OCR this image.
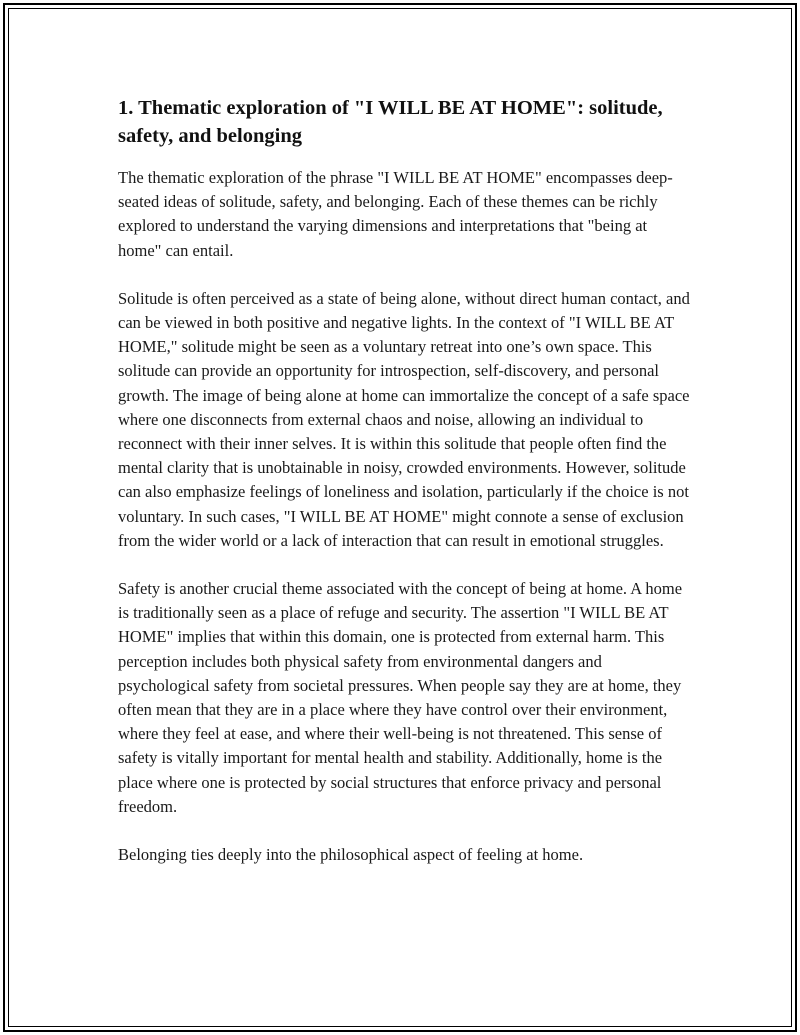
1. Thematic exploration of "I WILL BE AT HOME": solitude, safety, and belonging

The thematic exploration of the phrase "I WILL BE AT HOME" encompasses deep-seated ideas of solitude, safety, and belonging. Each of these themes can be richly explored to understand the varying dimensions and interpretations that "being at home" can entail.

Solitude is often perceived as a state of being alone, without direct human contact, and can be viewed in both positive and negative lights. In the context of "I WILL BE AT HOME," solitude might be seen as a voluntary retreat into one’s own space. This solitude can provide an opportunity for introspection, self-discovery, and personal growth. The image of being alone at home can immortalize the concept of a safe space where one disconnects from external chaos and noise, allowing an individual to reconnect with their inner selves. It is within this solitude that people often find the mental clarity that is unobtainable in noisy, crowded environments. However, solitude can also emphasize feelings of loneliness and isolation, particularly if the choice is not voluntary. In such cases, "I WILL BE AT HOME" might connote a sense of exclusion from the wider world or a lack of interaction that can result in emotional struggles.

Safety is another crucial theme associated with the concept of being at home. A home is traditionally seen as a place of refuge and security. The assertion "I WILL BE AT HOME" implies that within this domain, one is protected from external harm. This perception includes both physical safety from environmental dangers and psychological safety from societal pressures. When people say they are at home, they often mean that they are in a place where they have control over their environment, where they feel at ease, and where their well-being is not threatened. This sense of safety is vitally important for mental health and stability. Additionally, home is the place where one is protected by social structures that enforce privacy and personal freedom.

Belonging ties deeply into the philosophical aspect of feeling at home.
